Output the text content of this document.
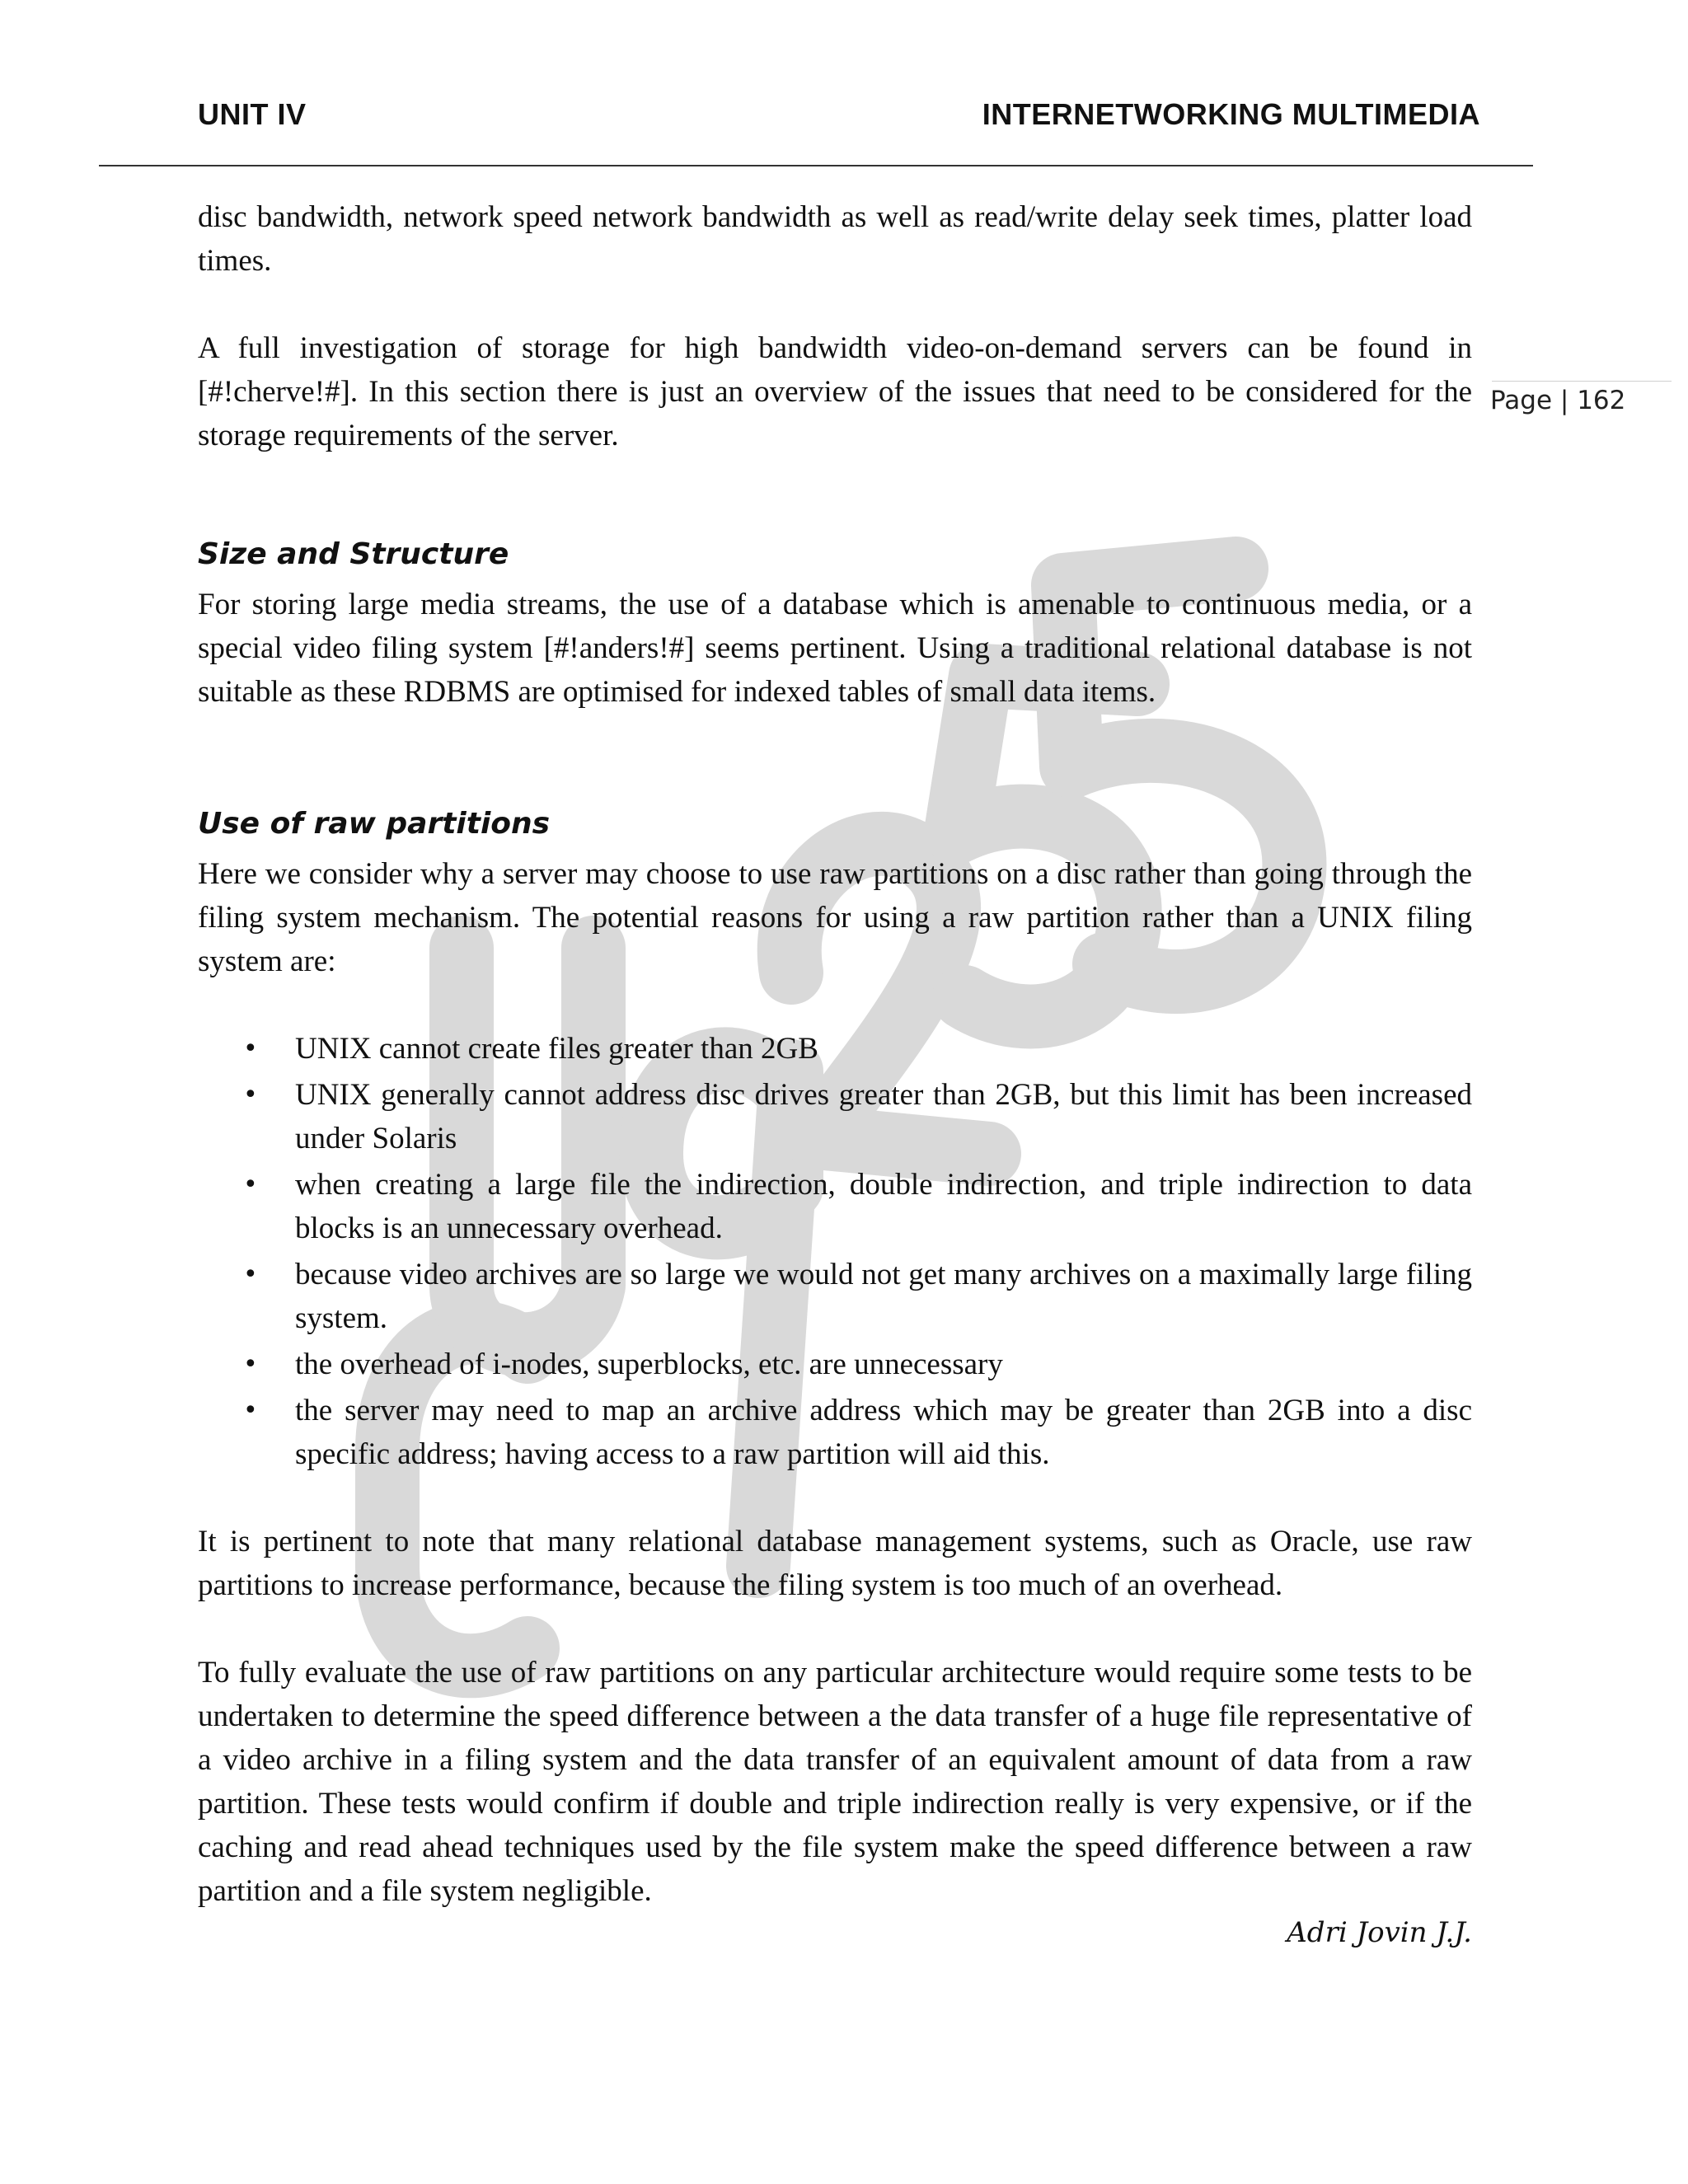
UNIT IV	INTERNETWORKING MULTIMEDIA
Page | 162

disc bandwidth, network speed network bandwidth as well as read/write delay seek times, platter load times.

A full investigation of storage for high bandwidth video-on-demand servers can be found in [#!cherve!#]. In this section there is just an overview of the issues that need to be considered for the storage requirements of the server.

Size and Structure

For storing large media streams, the use of a database which is amenable to continuous media, or a special video filing system [#!anders!#] seems pertinent. Using a traditional relational database is not suitable as these RDBMS are optimised for indexed tables of small data items.

Use of raw partitions

Here we consider why a server may choose to use raw partitions on a disc rather than going through the filing system mechanism. The potential reasons for using a raw partition rather than a UNIX filing system are:

• UNIX cannot create files greater than 2GB
• UNIX generally cannot address disc drives greater than 2GB, but this limit has been increased under Solaris
• when creating a large file the indirection, double indirection, and triple indirection to data blocks is an unnecessary overhead.
• because video archives are so large we would not get many archives on a maximally large filing system.
• the overhead of i-nodes, superblocks, etc. are unnecessary
• the server may need to map an archive address which may be greater than 2GB into a disc specific address; having access to a raw partition will aid this.

It is pertinent to note that many relational database management systems, such as Oracle, use raw partitions to increase performance, because the filing system is too much of an overhead.

To fully evaluate the use of raw partitions on any particular architecture would require some tests to be undertaken to determine the speed difference between a the data transfer of a huge file representative of a video archive in a filing system and the data transfer of an equivalent amount of data from a raw partition. These tests would confirm if double and triple indirection really is very expensive, or if the caching and read ahead techniques used by the file system make the speed difference between a raw partition and a file system negligible.

Adri Jovin J.J.
